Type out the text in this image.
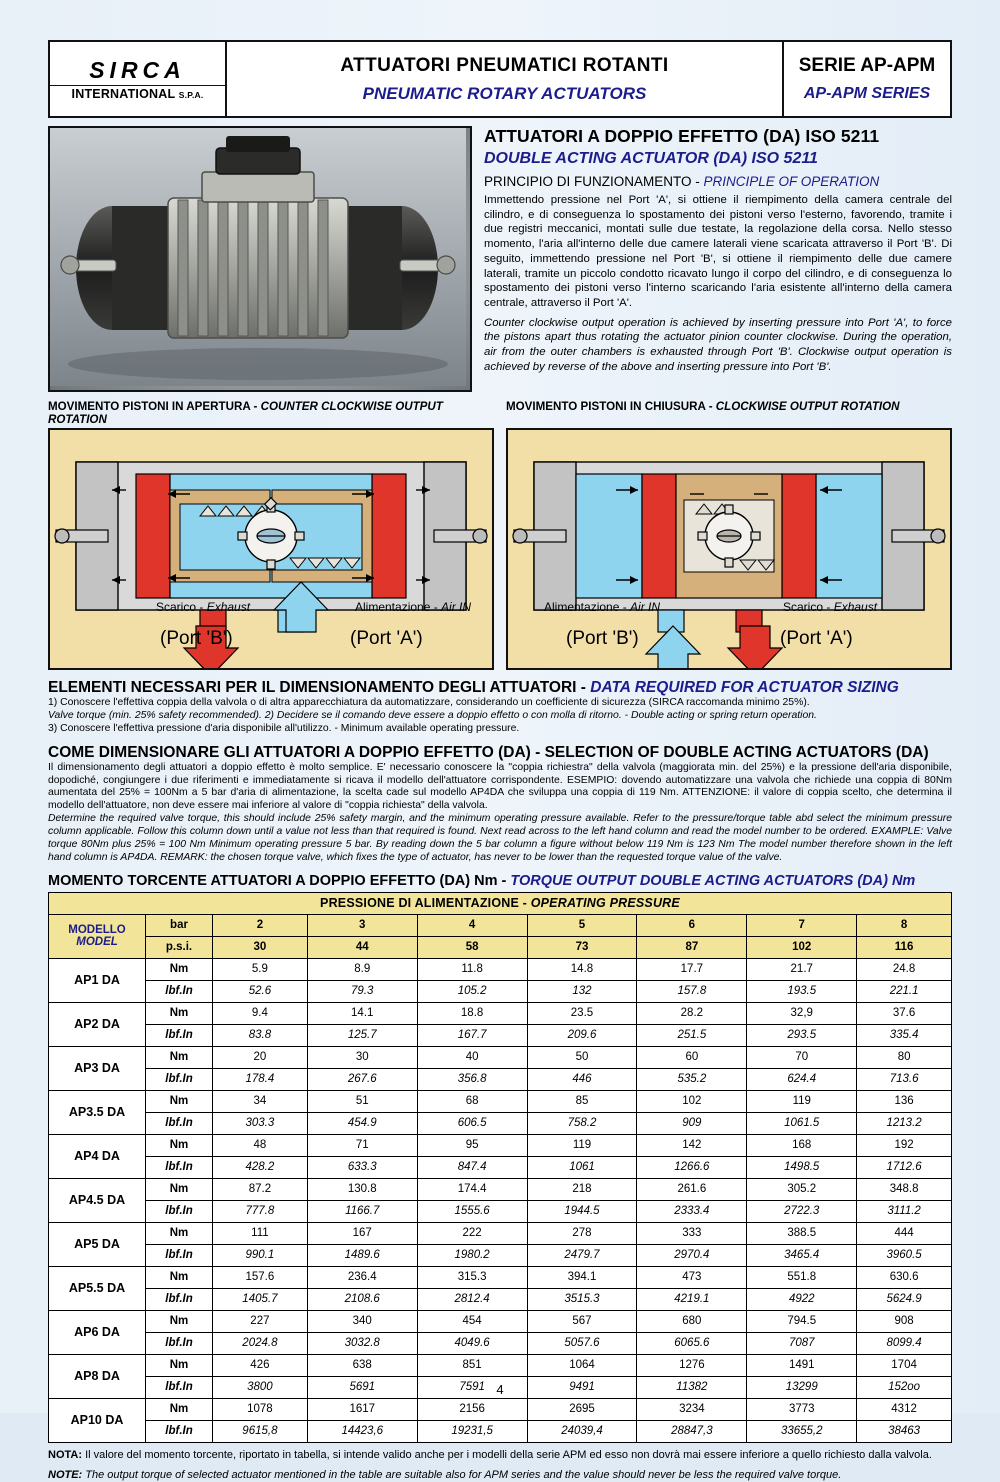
SIRCA
INTERNATIONAL S.P.A.
ATTUATORI PNEUMATICI ROTANTI
PNEUMATIC ROTARY ACTUATORS
SERIE AP-APM
AP-APM SERIES
ATTUATORI A DOPPIO EFFETTO (DA) ISO 5211
DOUBLE ACTING ACTUATOR (DA) ISO 5211
PRINCIPIO DI FUNZIONAMENTO - PRINCIPLE OF OPERATION
Immettendo pressione nel Port 'A', si ottiene il riempimento della camera centrale del cilindro, e di conseguenza lo spostamento dei pistoni verso l'esterno, favorendo, tramite i due registri meccanici, montati sulle due testate, la regolazione della corsa. Nello stesso momento, l'aria all'interno delle due camere laterali viene scaricata attraverso il Port 'B'. Di seguito, immettendo pressione nel Port 'B', si ottiene il riempimento delle due camere laterali, tramite un piccolo condotto ricavato lungo il corpo del cilindro, e di conseguenza lo spostamento dei pistoni verso l'interno scaricando l'aria esistente all'interno della camera centrale, attraverso il Port 'A'.
Counter clockwise output operation is achieved by inserting pressure into Port 'A', to force the pistons apart thus rotating the actuator pinion counter clockwise. During the operation, air from the outer chambers is exhausted through Port 'B'. Clockwise output operation is achieved by reverse of the above and inserting pressure into Port 'B'.
MOVIMENTO PISTONI IN APERTURA - COUNTER CLOCKWISE OUTPUT ROTATION
MOVIMENTO PISTONI IN CHIUSURA - CLOCKWISE OUTPUT ROTATION
Scarico - Exhaust	Alimentazione - Air IN
(Port 'B')	(Port 'A')
Alimentazione - Air IN	Scarico - Exhaust
(Port 'B')	(Port 'A')
ELEMENTI NECESSARI PER IL DIMENSIONAMENTO DEGLI ATTUATORI - DATA REQUIRED FOR ACTUATOR SIZING
1) Conoscere l'effettiva coppia della valvola o di altra apparecchiatura da automatizzare, considerando un coefficiente di sicurezza (SIRCA raccomanda minimo 25%).
Valve torque (min. 25% safety recommended). 2) Decidere se il comando deve essere a doppio effetto o con molla di ritorno. - Double acting or spring return operation.
3) Conoscere l'effettiva pressione d'aria disponibile all'utilizzo. - Minimum available operating pressure.
COME DIMENSIONARE GLI ATTUATORI A DOPPIO EFFETTO (DA) - SELECTION OF DOUBLE ACTING ACTUATORS (DA)
Il dimensionamento degli attuatori a doppio effetto è molto semplice. E' necessario conoscere la "coppia richiestra" della valvola (maggiorata min. del 25%) e la pressione dell'aria disponibile, dopodiché, congiungere i due riferimenti e immediatamente si ricava il modello dell'attuatore corrispondente. ESEMPIO: dovendo automatizzare una valvola che richiede una coppia di 80Nm aumentata del 25% = 100Nm a 5 bar d'aria di alimentazione, la scelta cade sul modello AP4DA che sviluppa una coppia di 119 Nm. ATTENZIONE: il valore di coppia scelto, che determina il modello dell'attuatore, non deve essere mai inferiore al valore di "coppia richiesta" della valvola.
Determine the required valve torque, this should include 25% safety margin, and the minimum operating pressure available. Refer to the pressure/torque table abd select the minimum pressure column applicable. Follow this column down until a value not less than that required is found. Next read across to the left hand column and read the model number to be ordered. EXAMPLE: Valve torque 80Nm plus 25% = 100 Nm Minimum operating pressure 5 bar. By reading down the 5 bar column a figure without below 119 Nm is 123 Nm The model number therefore shown in the left hand column is AP4DA. REMARK: the chosen torque valve, which fixes the type of actuator, has never to be lower than the requested torque value of the valve.
MOMENTO TORCENTE ATTUATORI A DOPPIO EFFETTO (DA) Nm - TORQUE OUTPUT DOUBLE ACTING ACTUATORS (DA) Nm
PRESSIONE DI ALIMENTAZIONE - OPERATING PRESSURE								

MODELLO
MODEL	bar	2	3	4	5	6	7	8
	p.s.i.	30	44	58	73	87	102	116
AP1 DA	Nm	5.9	8.9	11.8	14.8	17.7	21.7	24.8
	lbf.In	52.6	79.3	105.2	132	157.8	193.5	221.1
AP2 DA	Nm	9.4	14.1	18.8	23.5	28.2	32,9	37.6
	lbf.In	83.8	125.7	167.7	209.6	251.5	293.5	335.4
AP3 DA	Nm	20	30	40	50	60	70	80
	lbf.In	178.4	267.6	356.8	446	535.2	624.4	713.6
AP3.5 DA	Nm	34	51	68	85	102	119	136
	lbf.In	303.3	454.9	606.5	758.2	909	1061.5	1213.2
AP4 DA	Nm	48	71	95	119	142	168	192
	lbf.In	428.2	633.3	847.4	1061	1266.6	1498.5	1712.6
AP4.5 DA	Nm	87.2	130.8	174.4	218	261.6	305.2	348.8
	lbf.In	777.8	1166.7	1555.6	1944.5	2333.4	2722.3	3111.2
AP5 DA	Nm	111	167	222	278	333	388.5	444
	lbf.In	990.1	1489.6	1980.2	2479.7	2970.4	3465.4	3960.5
AP5.5 DA	Nm	157.6	236.4	315.3	394.1	473	551.8	630.6
	lbf.In	1405.7	2108.6	2812.4	3515.3	4219.1	4922	5624.9
AP6 DA	Nm	227	340	454	567	680	794.5	908
	lbf.In	2024.8	3032.8	4049.6	5057.6	6065.6	7087	8099.4
AP8 DA	Nm	426	638	851	1064	1276	1491	1704
	lbf.In	3800	5691	7591	9491	11382	13299	152oo
AP10 DA	Nm	1078	1617	2156	2695	3234	3773	4312
	lbf.In	9615,8	14423,6	19231,5	24039,4	28847,3	33655,2	38463
NOTA: Il valore del momento torcente, riportato in tabella, si intende valido anche per i modelli della serie APM ed esso non dovrà mai essere inferiore a quello richiesto dalla valvola.
NOTE: The output torque of selected actuator mentioned in the table are suitable also for APM series and the value should never be less the required valve torque.
4
